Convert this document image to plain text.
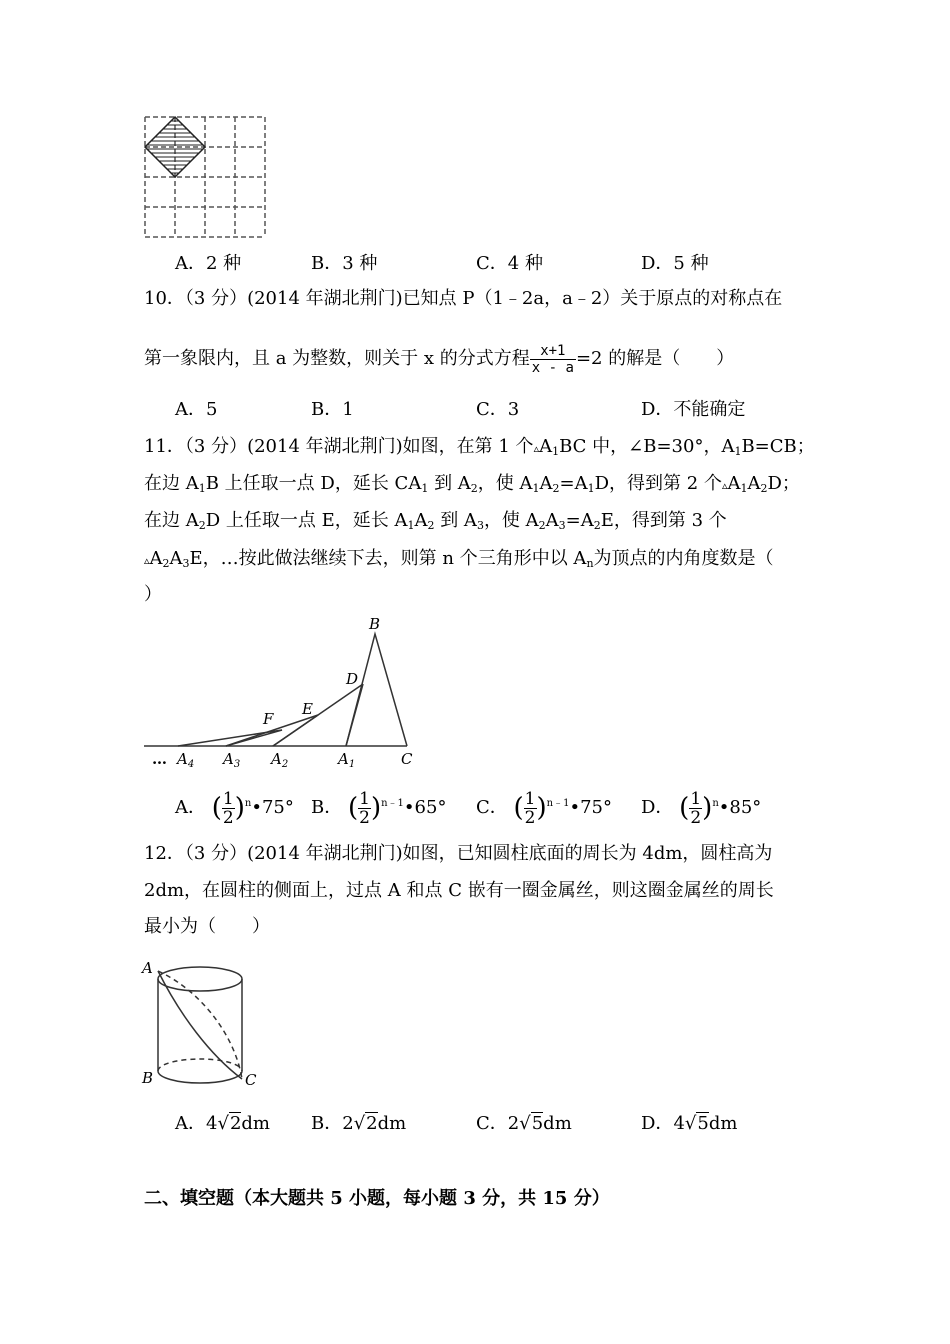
A．2 种	B．3 种	C．4 种	D．5 种
10．（3 分）(2014 年湖北荆门)已知点 P（1﹣2a，a﹣2）关于原点的对称点在
第一象限内，且 a 为整数，则关于 x 的分式方程 $\frac{x+1}{x - a} =2$ 的解是（　　）
A．5	B．1	C．3	D．不能确定
11．（3 分）(2014 年湖北荆门)如图，在第 1 个$▵A_1BC$ 中，∠B=30°，$A_1B=CB$；
在边 $A_1B$ 上任取一点 D，延长 $CA_1$ 到 $A_2$，使 $A_1A_2=A_1D$，得到第 2 个$▵A_1A_2D$；
在边 $A_2D$ 上任取一点 E，延长 $A_1A_2$ 到 $A_3$，使 $A_2A_3=A_2E$，得到第 3 个
$▵A_2A_3E$，…按此做法继续下去，则第 n 个三角形中以 $A_n$为顶点的内角度数是（
）
B
D
E
F
… $A_4$ $A_3$ $A_2$	$A_1$	C
A． ( $\frac{1}{2}$ )$^n$•75° B． ( $\frac{1}{2}$ )$^{n﹣1}$•65° C． ( $\frac{1}{2}$ )$^{n﹣1}$•75° D． ( $\frac{1}{2}$ )$^n$•85°
12．（3 分）(2014 年湖北荆门)如图，已知圆柱底面的周长为 4dm，圆柱高为
2dm，在圆柱的侧面上，过点 A 和点 C 嵌有一圈金属丝，则这圈金属丝的周长
最小为（　　）
A
B	C
A．4√2dm B．2√2dm	C．2√5dm	D．4√5dm
二、填空题（本大题共 5 小题，每小题 3 分，共 15 分）
